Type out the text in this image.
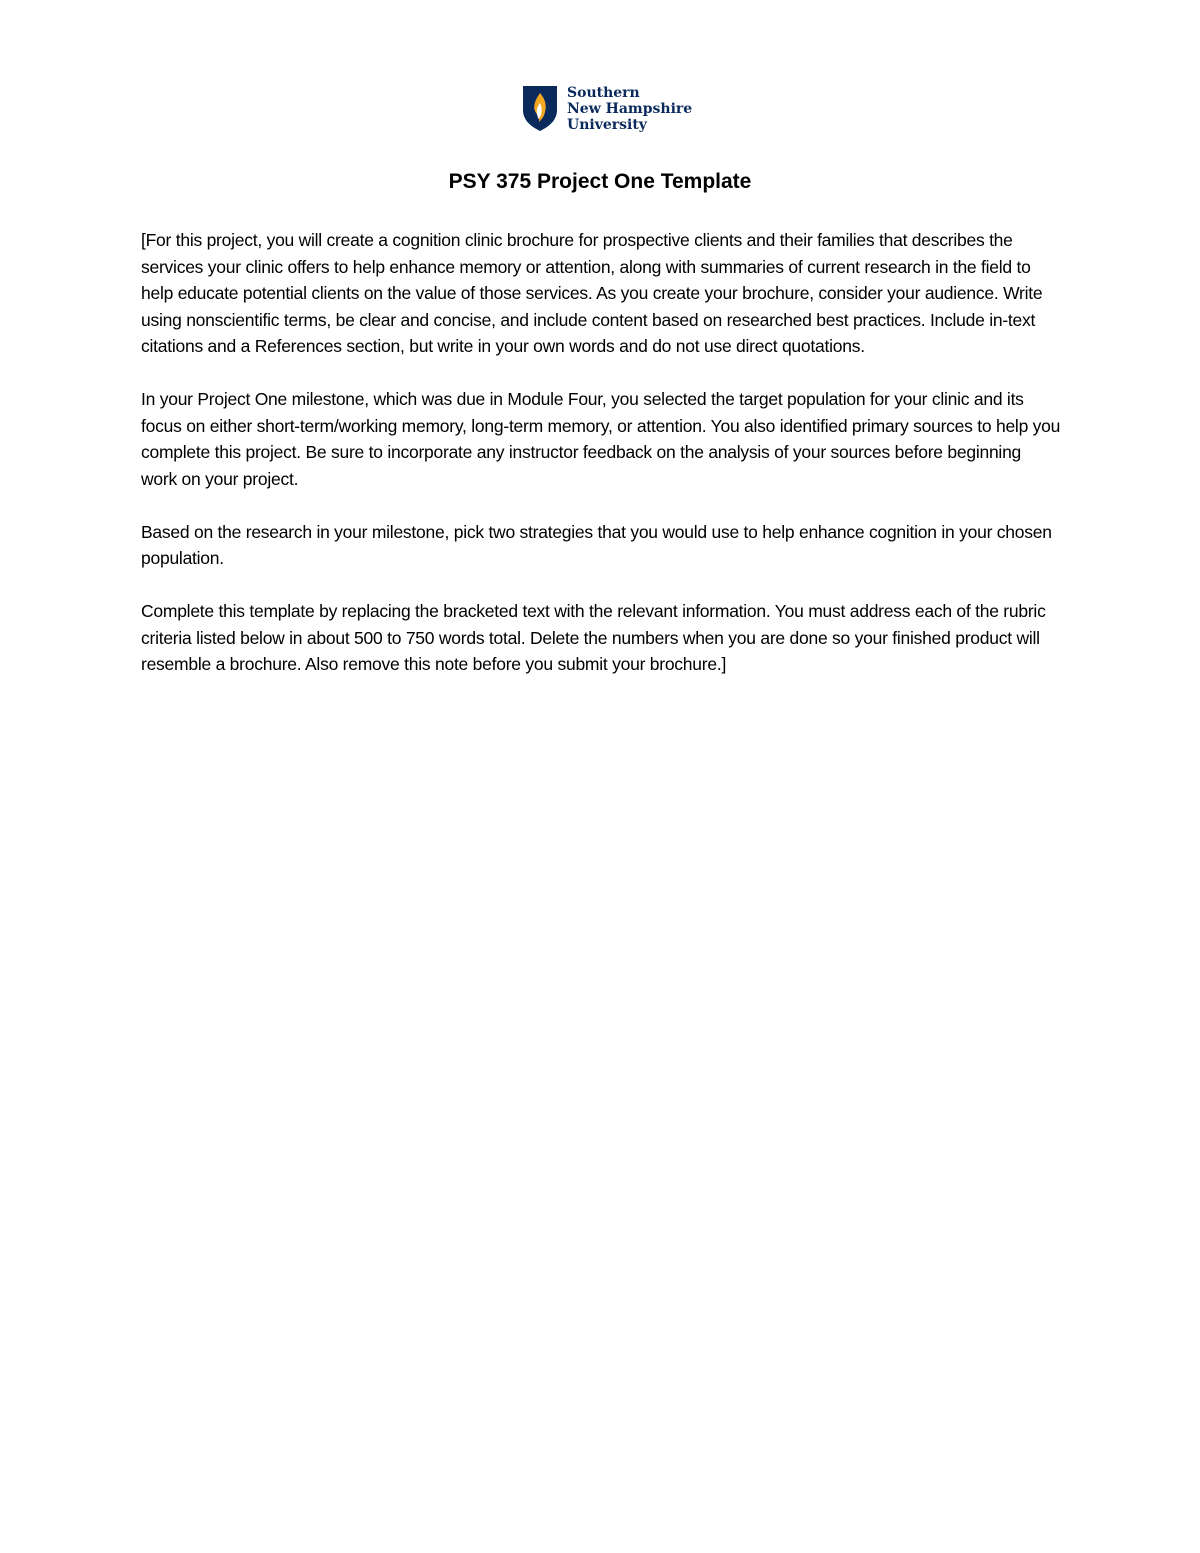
Southern
New Hampshire
University
PSY 375 Project One Template

[For this project, you will create a cognition clinic brochure for prospective clients and their families that describes the services your clinic offers to help enhance memory or attention, along with summaries of current research in the field to help educate potential clients on the value of those services. As you create your brochure, consider your audience. Write using nonscientific terms, be clear and concise, and include content based on researched best practices. Include in-text citations and a References section, but write in your own words and do not use direct quotations.

In your Project One milestone, which was due in Module Four, you selected the target population for your clinic and its focus on either short-term/working memory, long-term memory, or attention. You also identified primary sources to help you complete this project. Be sure to incorporate any instructor feedback on the analysis of your sources before beginning work on your project.

Based on the research in your milestone, pick two strategies that you would use to help enhance cognition in your chosen population.

Complete this template by replacing the bracketed text with the relevant information. You must address each of the rubric criteria listed below in about 500 to 750 words total. Delete the numbers when you are done so your finished product will resemble a brochure. Also remove this note before you submit your brochure.]
